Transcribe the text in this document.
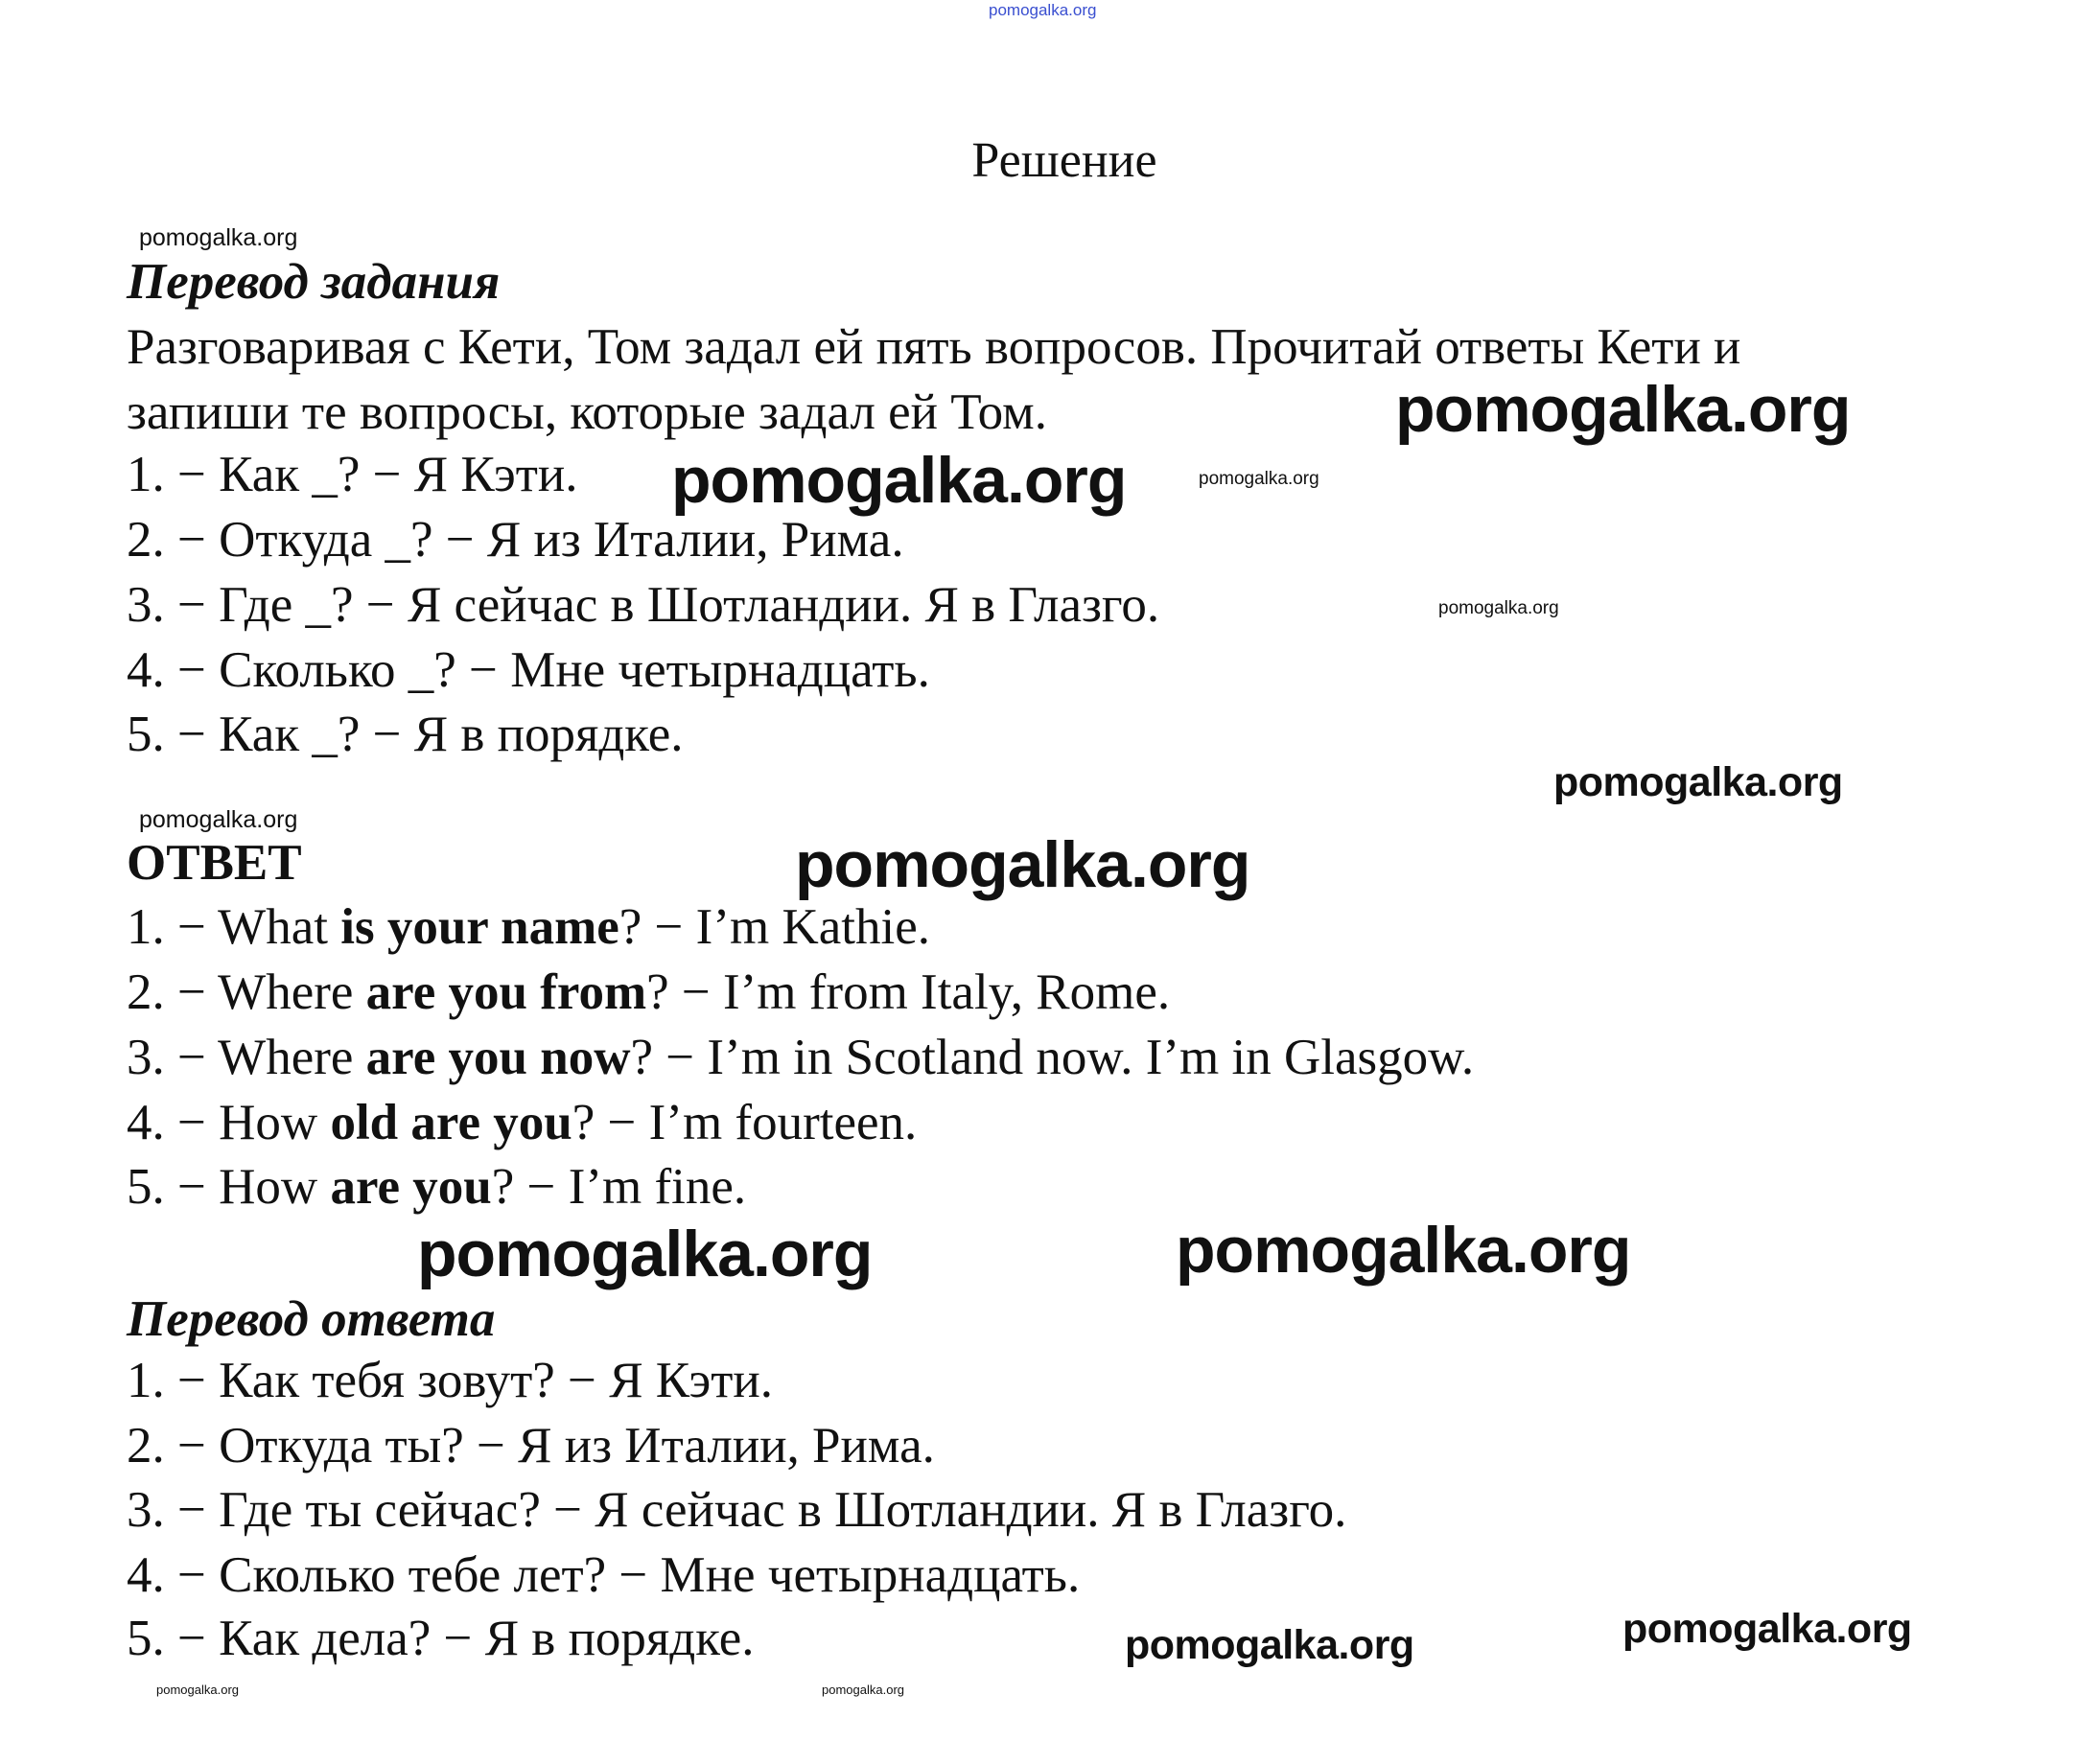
pomogalka.org
pomogalka.org
pomogalka.org
pomogalka.org
pomogalka.org
pomogalka.org
pomogalka.org
pomogalka.org
pomogalka.org
pomogalka.org	pomogalka.org
pomogalka.org	pomogalka.org
pomogalka.org	pomogalka.org
Решение
Перевод задания
Разговаривая с Кети, Том задал ей пять вопросов. Прочитай ответы Кети и
запиши те вопросы, которые задал ей Том.
1. − Как _? − Я Кэти.
2. − Откуда _? − Я из Италии, Рима.
3. − Где _? − Я сейчас в Шотландии. Я в Глазго.
4. − Сколько _? − Мне четырнадцать.
5. − Как _? − Я в порядке.
ОТВЕТ
1. − What is your name? − I’m Kathie.
2. − Where are you from? − I’m from Italy, Rome.
3. − Where are you now? − I’m in Scotland now. I’m in Glasgow.
4. − How old are you? − I’m fourteen.
5. − How are you? − I’m fine.
Перевод ответа
1. − Как тебя зовут? − Я Кэти.
2. − Откуда ты? − Я из Италии, Рима.
3. − Где ты сейчас? − Я сейчас в Шотландии. Я в Глазго.
4. − Сколько тебе лет? − Мне четырнадцать.
5. − Как дела? − Я в порядке.
